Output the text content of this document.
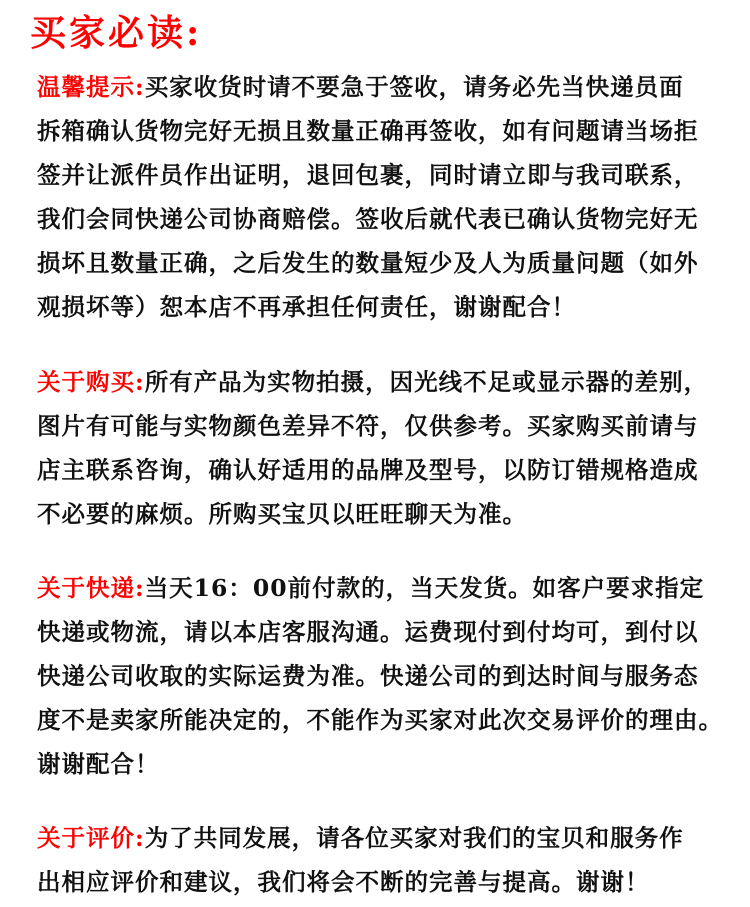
买家必读:
温馨提示:买家收货时请不要急于签收，请务必先当快递员面
拆箱确认货物完好无损且数量正确再签收，如有问题请当场拒
签并让派件员作出证明，退回包裹，同时请立即与我司联系，
我们会同快递公司协商赔偿。签收后就代表已确认货物完好无
损坏且数量正确，之后发生的数量短少及人为质量问题（如外
观损坏等）恕本店不再承担任何责任，谢谢配合！
关于购买:所有产品为实物拍摄，因光线不足或显示器的差别，
图片有可能与实物颜色差异不符，仅供参考。买家购买前请与
店主联系咨询，确认好适用的品牌及型号，以防订错规格造成
不必要的麻烦。所购买宝贝以旺旺聊天为准。
关于快递:当天16：00前付款的，当天发货。如客户要求指定
快递或物流，请以本店客服沟通。运费现付到付均可，到付以
快递公司收取的实际运费为准。快递公司的到达时间与服务态
度不是卖家所能决定的，不能作为买家对此次交易评价的理由。
谢谢配合！
关于评价:为了共同发展，请各位买家对我们的宝贝和服务作
出相应评价和建议，我们将会不断的完善与提高。谢谢！
